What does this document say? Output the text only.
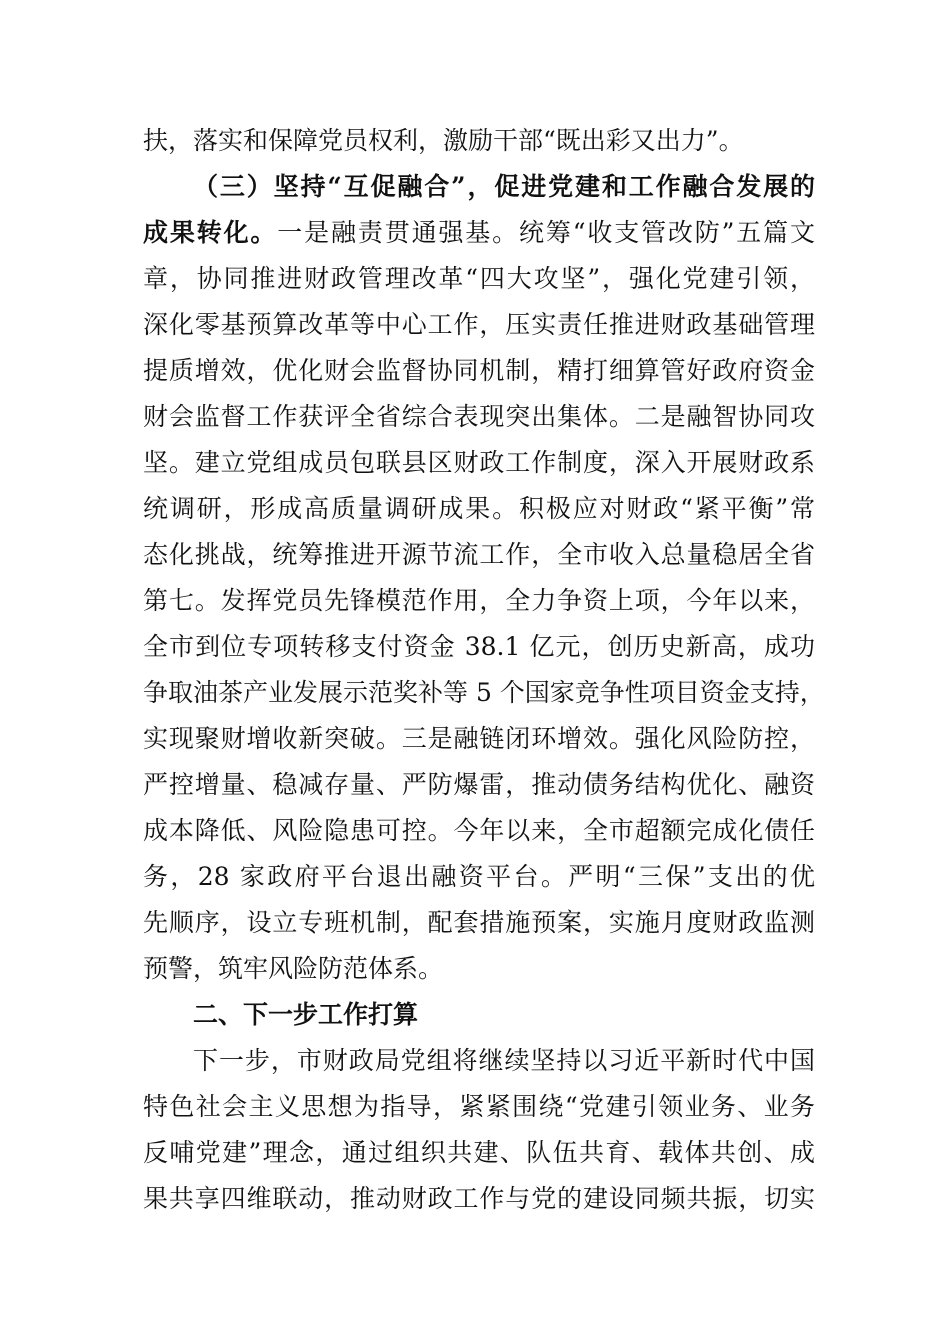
扶，落实和保障党员权利，激励干部“既出彩又出力”。
（三）坚持“互促融合”，促进党建和工作融合发展的
成果转化。一是融责贯通强基。统筹“收支管改防”五篇文
章，协同推进财政管理改革“四大攻坚”，强化党建引领，
深化零基预算改革等中心工作，压实责任推进财政基础管理
提质增效，优化财会监督协同机制，精打细算管好政府资金
财会监督工作获评全省综合表现突出集体。二是融智协同攻
坚。建立党组成员包联县区财政工作制度，深入开展财政系
统调研，形成高质量调研成果。积极应对财政“紧平衡”常
态化挑战，统筹推进开源节流工作，全市收入总量稳居全省
第七。发挥党员先锋模范作用，全力争资上项，今年以来，
全市到位专项转移支付资金 38.1 亿元，创历史新高，成功
争取油茶产业发展示范奖补等 5 个国家竞争性项目资金支持，
实现聚财增收新突破。三是融链闭环增效。强化风险防控，
严控增量、稳减存量、严防爆雷，推动债务结构优化、融资
成本降低、风险隐患可控。今年以来，全市超额完成化债任
务，28 家政府平台退出融资平台。严明“三保”支出的优
先顺序，设立专班机制，配套措施预案，实施月度财政监测
预警，筑牢风险防范体系。
二、下一步工作打算
下一步，市财政局党组将继续坚持以习近平新时代中国
特色社会主义思想为指导，紧紧围绕“党建引领业务、业务
反哺党建”理念，通过组织共建、队伍共育、载体共创、成
果共享四维联动，推动财政工作与党的建设同频共振，切实
